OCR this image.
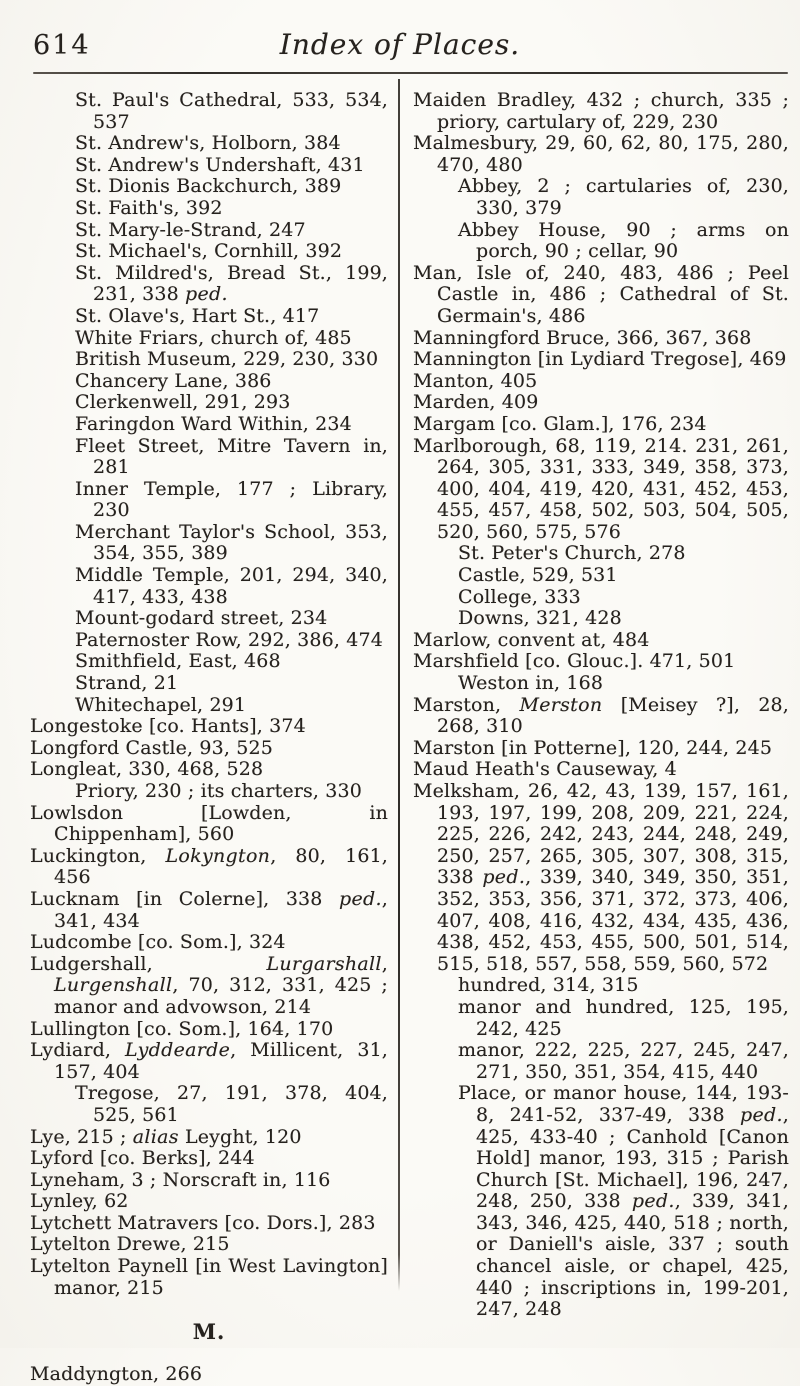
614	Index of Places.

St. Paul's Cathedral, 533, 534, 537

St. Andrew's, Holborn, 384

St. Andrew's Undershaft, 431

St. Dionis Backchurch, 389

St. Faith's, 392

St. Mary-le-Strand, 247

St. Michael's, Cornhill, 392

St. Mildred's, Bread St., 199, 231, 338 ped.

St. Olave's, Hart St., 417

White Friars, church of, 485

British Museum, 229, 230, 330

Chancery Lane, 386

Clerkenwell, 291, 293

Faringdon Ward Within, 234

Fleet Street, Mitre Tavern in, 281

Inner Temple, 177 ; Library, 230

Merchant Taylor's School, 353, 354, 355, 389

Middle Temple, 201, 294, 340, 417, 433, 438

Mount-godard street, 234

Paternoster Row, 292, 386, 474

Smithfield, East, 468

Strand, 21

Whitechapel, 291

Longestoke [co. Hants], 374

Longford Castle, 93, 525

Longleat, 330, 468, 528

Priory, 230 ; its charters, 330

Lowlsdon [Lowden, in Chippenham], 560

Luckington, Lokyngton, 80, 161, 456

Lucknam [in Colerne], 338 ped., 341, 434

Ludcombe [co. Som.], 324

Ludgershall, Lurgarshall, Lurgenshall, 70, 312, 331, 425 ; manor and advowson, 214

Lullington [co. Som.], 164, 170

Lydiard, Lyddearde, Millicent, 31, 157, 404

Tregose, 27, 191, 378, 404, 525, 561

Lye, 215 ; alias Leyght, 120

Lyford [co. Berks], 244

Lyneham, 3 ; Norscraft in, 116

Lynley, 62

Lytchett Matravers [co. Dors.], 283

Lytelton Drewe, 215

Lytelton Paynell [in West Lavington] manor, 215

M.

Maddyngton, 266

Maiden Bradley, 432 ; church, 335 ; priory, cartulary of, 229, 230

Malmesbury, 29, 60, 62, 80, 175, 280, 470, 480

Abbey, 2 ; cartularies of, 230, 330, 379

Abbey House, 90 ; arms on porch, 90 ; cellar, 90

Man, Isle of, 240, 483, 486 ; Peel Castle in, 486 ; Cathedral of St. Germain's, 486

Manningford Bruce, 366, 367, 368

Mannington [in Lydiard Tregose], 469

Manton, 405

Marden, 409

Margam [co. Glam.], 176, 234

Marlborough, 68, 119, 214. 231, 261, 264, 305, 331, 333, 349, 358, 373, 400, 404, 419, 420, 431, 452, 453, 455, 457, 458, 502, 503, 504, 505, 520, 560, 575, 576

St. Peter's Church, 278

Castle, 529, 531

College, 333

Downs, 321, 428

Marlow, convent at, 484

Marshfield [co. Glouc.]. 471, 501

Weston in, 168

Marston, Merston [Meisey ?], 28, 268, 310

Marston [in Potterne], 120, 244, 245

Maud Heath's Causeway, 4

Melksham, 26, 42, 43, 139, 157, 161, 193, 197, 199, 208, 209, 221, 224, 225, 226, 242, 243, 244, 248, 249, 250, 257, 265, 305, 307, 308, 315, 338 ped., 339, 340, 349, 350, 351, 352, 353, 356, 371, 372, 373, 406, 407, 408, 416, 432, 434, 435, 436, 438, 452, 453, 455, 500, 501, 514, 515, 518, 557, 558, 559, 560, 572

hundred, 314, 315

manor and hundred, 125, 195, 242, 425

manor, 222, 225, 227, 245, 247, 271, 350, 351, 354, 415, 440

Place, or manor house, 144, 193-8, 241-52, 337-49, 338 ped., 425, 433-40 ; Canhold [Canon Hold] manor, 193, 315 ; Parish Church [St. Michael], 196, 247, 248, 250, 338 ped., 339, 341, 343, 346, 425, 440, 518 ; north, or Daniell's aisle, 337 ; south chancel aisle, or chapel, 425, 440 ; inscriptions in, 199-201, 247, 248
